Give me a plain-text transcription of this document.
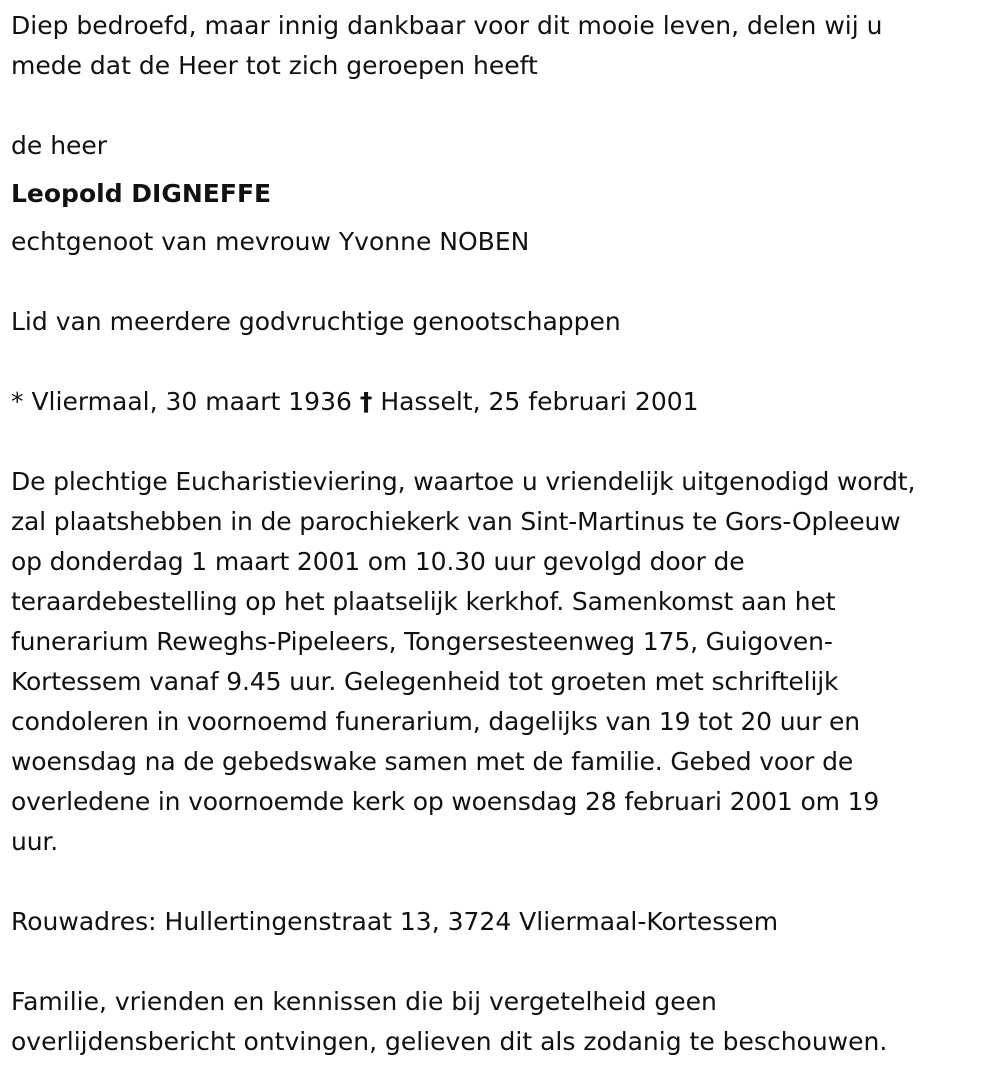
Diep bedroefd, maar innig dankbaar voor dit mooie leven, delen wij u
mede dat de Heer tot zich geroepen heeft

de heer

Leopold DIGNEFFE

echtgenoot van mevrouw Yvonne NOBEN

Lid van meerdere godvruchtige genootschappen

* Vliermaal, 30 maart 1936 † Hasselt, 25 februari 2001

De plechtige Eucharistieviering, waartoe u vriendelijk uitgenodigd wordt,
zal plaatshebben in de parochiekerk van Sint-Martinus te Gors-Opleeuw
op donderdag 1 maart 2001 om 10.30 uur gevolgd door de
teraardebestelling op het plaatselijk kerkhof. Samenkomst aan het
funerarium Reweghs-Pipeleers, Tongersesteenweg 175, Guigoven-
Kortessem vanaf 9.45 uur. Gelegenheid tot groeten met schriftelijk
condoleren in voornoemd funerarium, dagelijks van 19 tot 20 uur en
woensdag na de gebedswake samen met de familie. Gebed voor de
overledene in voornoemde kerk op woensdag 28 februari 2001 om 19
uur.

Rouwadres: Hullertingenstraat 13, 3724 Vliermaal-Kortessem

Familie, vrienden en kennissen die bij vergetelheid geen
overlijdensbericht ontvingen, gelieven dit als zodanig te beschouwen.
